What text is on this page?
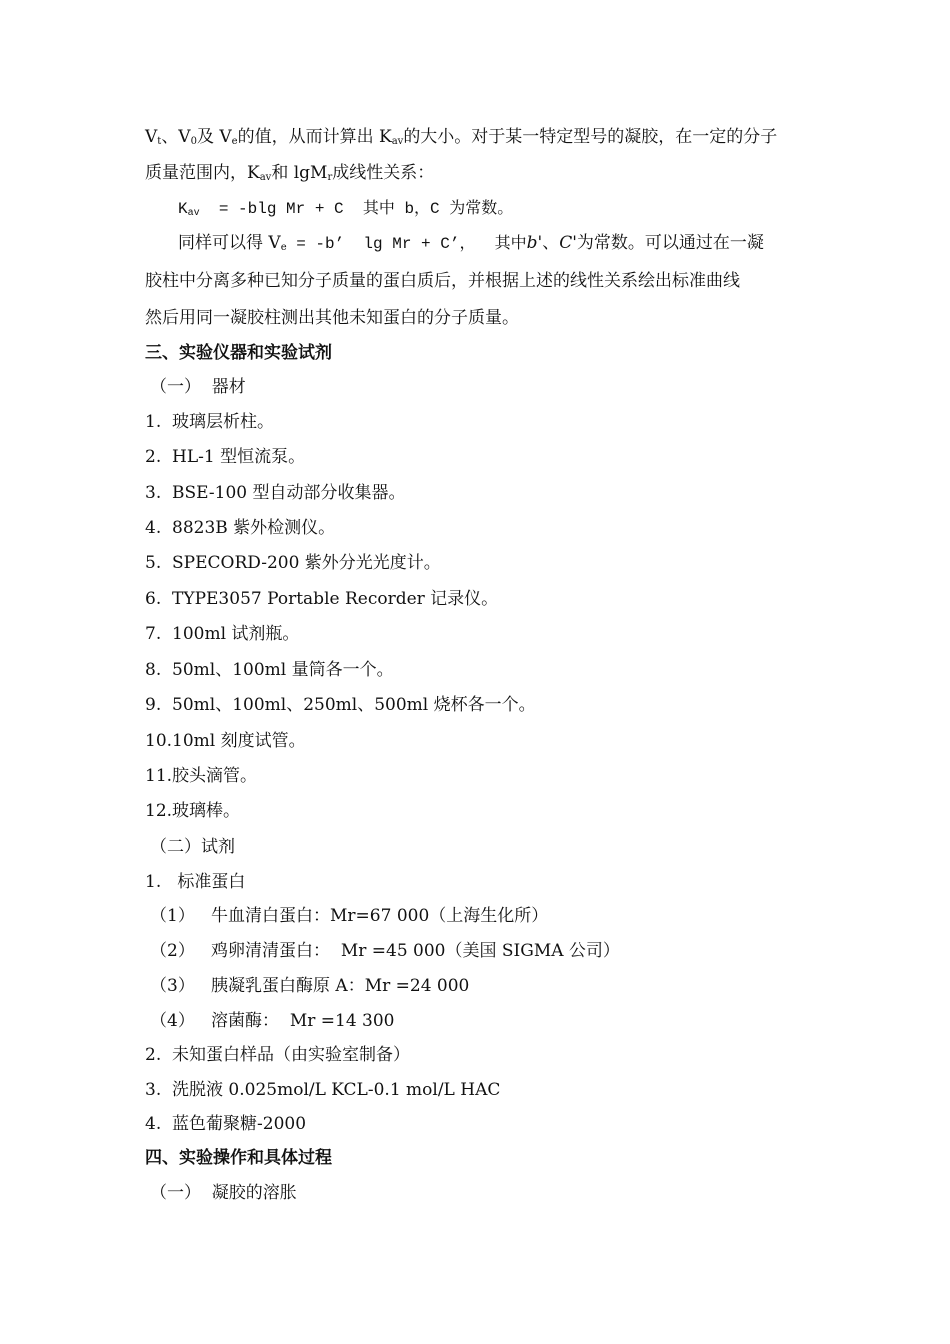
$V_t$、$V_0$及 $V_e$的值，从而计算出 $K_{av}$的大小。对于某一特定型号的凝胶，在一定的分子
质量范围内，$K_{av}$和 lgM$_r$成线性关系：
$K_{av} = -blg$ Mr + C  其中 b，C 为常数。
同样可以得 $V_e = -b$’  lg Mr + C’，  其中b'、C'为常数。可以通过在一凝
胶柱中分离多种已知分子质量的蛋白质后，并根据上述的线性关系绘出标准曲线
然后用同一凝胶柱测出其他未知蛋白的分子质量。
三、实验仪器和实验试剂
（一）  器材
1.  玻璃层析柱。
2.  HL-1 型恒流泵。
3.  BSE-100 型自动部分收集器。
4.  8823B 紫外检测仪。
5.  SPECORD-200 紫外分光光度计。
6.  TYPE3057 Portable Recorder 记录仪。
7.  100ml 试剂瓶。
8.  50ml、100ml 量筒各一个。
9.  50ml、100ml、250ml、500ml 烧杯各一个。
10.10ml 刻度试管。
11.胶头滴管。
12.玻璃棒。
（二）试剂
1.   标准蛋白
（1）   牛血清白蛋白：Mr=67 000（上海生化所）
（2）   鸡卵清清蛋白：  Mr =45 000（美国 SIGMA 公司）
（3）   胰凝乳蛋白酶原 A：Mr =24 000
（4）   溶菌酶：  Mr =14 300
2.  未知蛋白样品（由实验室制备）
3.  洗脱液 0.025mol/L KCL-0.1 mol/L HAC
4.  蓝色葡聚糖-2000
四、实验操作和具体过程
（一）  凝胶的溶胀
